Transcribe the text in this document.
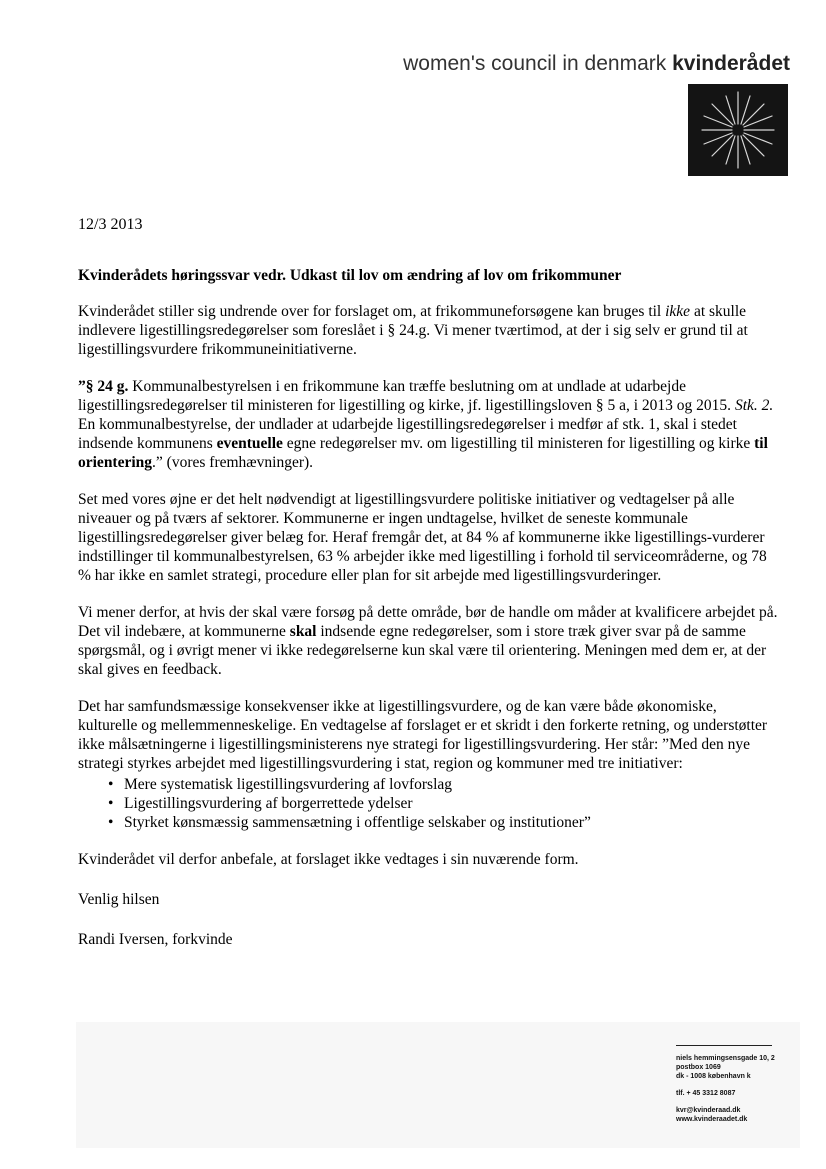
women's council in denmark kvinderådet
12/3 2013
Kvinderådets høringssvar vedr. Udkast til lov om ændring af lov om frikommuner

Kvinderådet stiller sig undrende over for forslaget om, at frikommuneforsøgene kan bruges til ikke at skulle indlevere ligestillingsredegørelser som foreslået i § 24.g. Vi mener tværtimod, at der i sig selv er grund til at ligestillingsvurdere frikommuneinitiativerne.

”§ 24 g. Kommunalbestyrelsen i en frikommune kan træffe beslutning om at undlade at udarbejde ligestillingsredegørelser til ministeren for ligestilling og kirke, jf. ligestillingsloven § 5 a, i 2013 og 2015. Stk. 2. En kommunalbestyrelse, der undlader at udarbejde ligestillingsredegørelser i medfør af stk. 1, skal i stedet indsende kommunens eventuelle egne redegørelser mv. om ligestilling til ministeren for ligestilling og kirke til orientering.” (vores fremhævninger).

Set med vores øjne er det helt nødvendigt at ligestillingsvurdere politiske initiativer og vedtagelser på alle niveauer og på tværs af sektorer. Kommunerne er ingen undtagelse, hvilket de seneste kommunale ligestillingsredegørelser giver belæg for. Heraf fremgår det, at 84 % af kommunerne ikke ligestillings-vurderer indstillinger til kommunalbestyrelsen, 63 % arbejder ikke med ligestilling i forhold til serviceområderne, og 78 % har ikke en samlet strategi, procedure eller plan for sit arbejde med ligestillingsvurderinger.

Vi mener derfor, at hvis der skal være forsøg på dette område, bør de handle om måder at kvalificere arbejdet på. Det vil indebære, at kommunerne skal indsende egne redegørelser, som i store træk giver svar på de samme spørgsmål, og i øvrigt mener vi ikke redegørelserne kun skal være til orientering. Meningen med dem er, at der skal gives en feedback.

Det har samfundsmæssige konsekvenser ikke at ligestillingsvurdere, og de kan være både økonomiske, kulturelle og mellemmenneskelige. En vedtagelse af forslaget er et skridt i den forkerte retning, og understøtter ikke målsætningerne i ligestillingsministerens nye strategi for ligestillingsvurdering. Her står: ”Med den nye strategi styrkes arbejdet med ligestillingsvurdering i stat, region og kommuner med tre initiativer:

• Mere systematisk ligestillingsvurdering af lovforslag
• Ligestillingsvurdering af borgerrettede ydelser
• Styrket kønsmæssig sammensætning i offentlige selskaber og institutioner”

Kvinderådet vil derfor anbefale, at forslaget ikke vedtages i sin nuværende form.

Venlig hilsen

Randi Iversen, forkvinde

niels hemmingsensgade 10, 2
postbox 1069
dk - 1008 københavn k
tlf. + 45 3312 8087
kvr@kvinderaad.dk
www.kvinderaadet.dk
